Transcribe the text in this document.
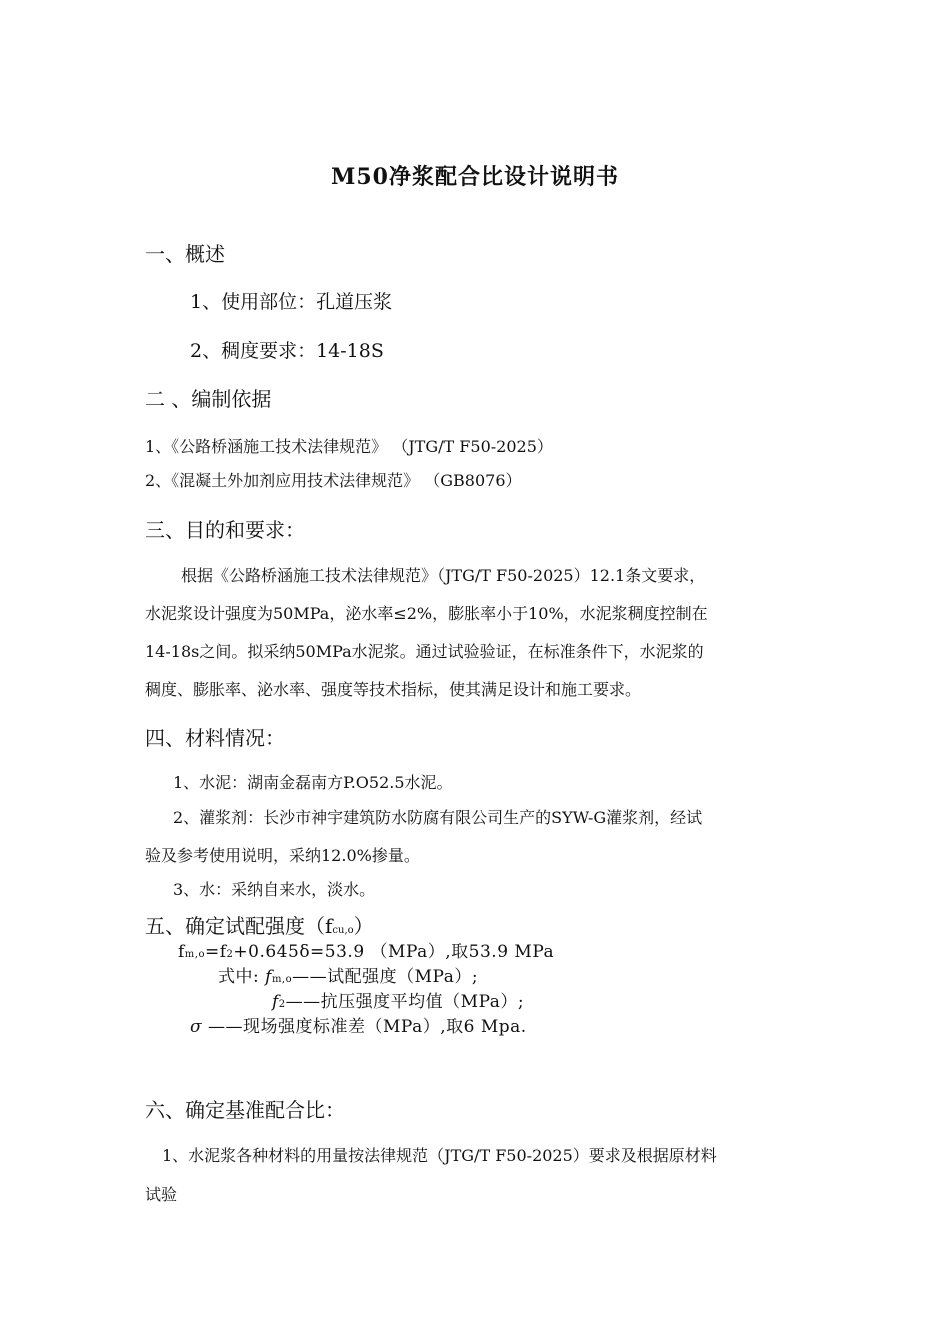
M50净浆配合比设计说明书
一、概述
1、使用部位：孔道压浆
2、稠度要求：14-18S
二 、编制依据
1、《公路桥涵施工技术法律规范》 （JTG/T F50-2025）
2、《混凝土外加剂应用技术法律规范》 （GB8076）
三、目的和要求：

根据《公路桥涵施工技术法律规范》（JTG/T F50-2025）12.1条文要求，

水泥浆设计强度为50MPa，泌水率≤2%，膨胀率小于10%，水泥浆稠度控制在

14-18s之间。拟采纳50MPa水泥浆。通过试验验证，在标准条件下，水泥浆的

稠度、膨胀率、泌水率、强度等技术指标，使其满足设计和施工要求。

四、材料情况：
1、水泥：湖南金磊南方P.O52.5水泥。
2、灌浆剂：长沙市神宇建筑防水防腐有限公司生产的SYW-G灌浆剂，经试
验及参考使用说明，采纳12.0%掺量。
3、水：采纳自来水，淡水。
五、确定试配强度（fcu,o）
fm,o=f2+0.645δ=53.9 （MPa）,取53.9 MPa
式中: fm,o——试配强度（MPa）;
f2——抗压强度平均值（MPa）;
σ ——现场强度标准差（MPa）,取6 Mpa.
六、确定基准配合比：
1、水泥浆各种材料的用量按法律规范（JTG/T F50-2025）要求及根据原材料
试验
